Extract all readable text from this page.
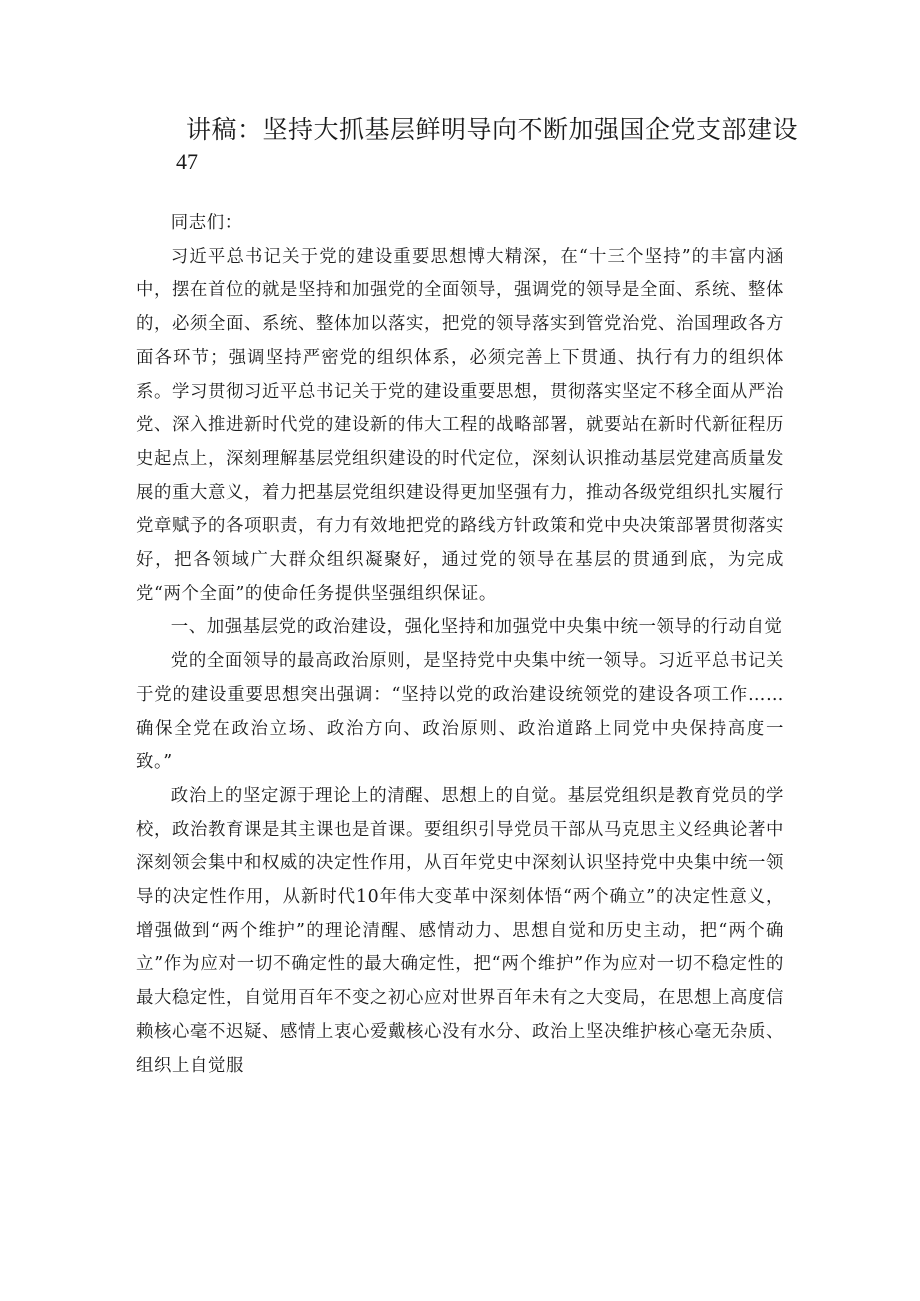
讲稿：坚持大抓基层鲜明导向不断加强国企党支部建设
47

同志们：

习近平总书记关于党的建设重要思想博大精深，在“十三个坚持”的丰富内涵中，摆在首位的就是坚持和加强党的全面领导，强调党的领导是全面、系统、整体的，必须全面、系统、整体加以落实，把党的领导落实到管党治党、治国理政各方面各环节；强调坚持严密党的组织体系，必须完善上下贯通、执行有力的组织体系。学习贯彻习近平总书记关于党的建设重要思想，贯彻落实坚定不移全面从严治党、深入推进新时代党的建设新的伟大工程的战略部署，就要站在新时代新征程历史起点上，深刻理解基层党组织建设的时代定位，深刻认识推动基层党建高质量发展的重大意义，着力把基层党组织建设得更加坚强有力，推动各级党组织扎实履行党章赋予的各项职责，有力有效地把党的路线方针政策和党中央决策部署贯彻落实好，把各领域广大群众组织凝聚好，通过党的领导在基层的贯通到底，为完成党“两个全面”的使命任务提供坚强组织保证。

一、加强基层党的政治建设，强化坚持和加强党中央集中统一领导的行动自觉

党的全面领导的最高政治原则，是坚持党中央集中统一领导。习近平总书记关于党的建设重要思想突出强调：“坚持以党的政治建设统领党的建设各项工作……确保全党在政治立场、政治方向、政治原则、政治道路上同党中央保持高度一致。”

政治上的坚定源于理论上的清醒、思想上的自觉。基层党组织是教育党员的学校，政治教育课是其主课也是首课。要组织引导党员干部从马克思主义经典论著中深刻领会集中和权威的决定性作用，从百年党史中深刻认识坚持党中央集中统一领导的决定性作用，从新时代10年伟大变革中深刻体悟“两个确立”的决定性意义，增强做到“两个维护”的理论清醒、感情动力、思想自觉和历史主动，把“两个确立”作为应对一切不确定性的最大确定性，把“两个维护”作为应对一切不稳定性的最大稳定性，自觉用百年不变之初心应对世界百年未有之大变局，在思想上高度信赖核心毫不迟疑、感情上衷心爱戴核心没有水分、政治上坚决维护核心毫无杂质、组织上自觉服
